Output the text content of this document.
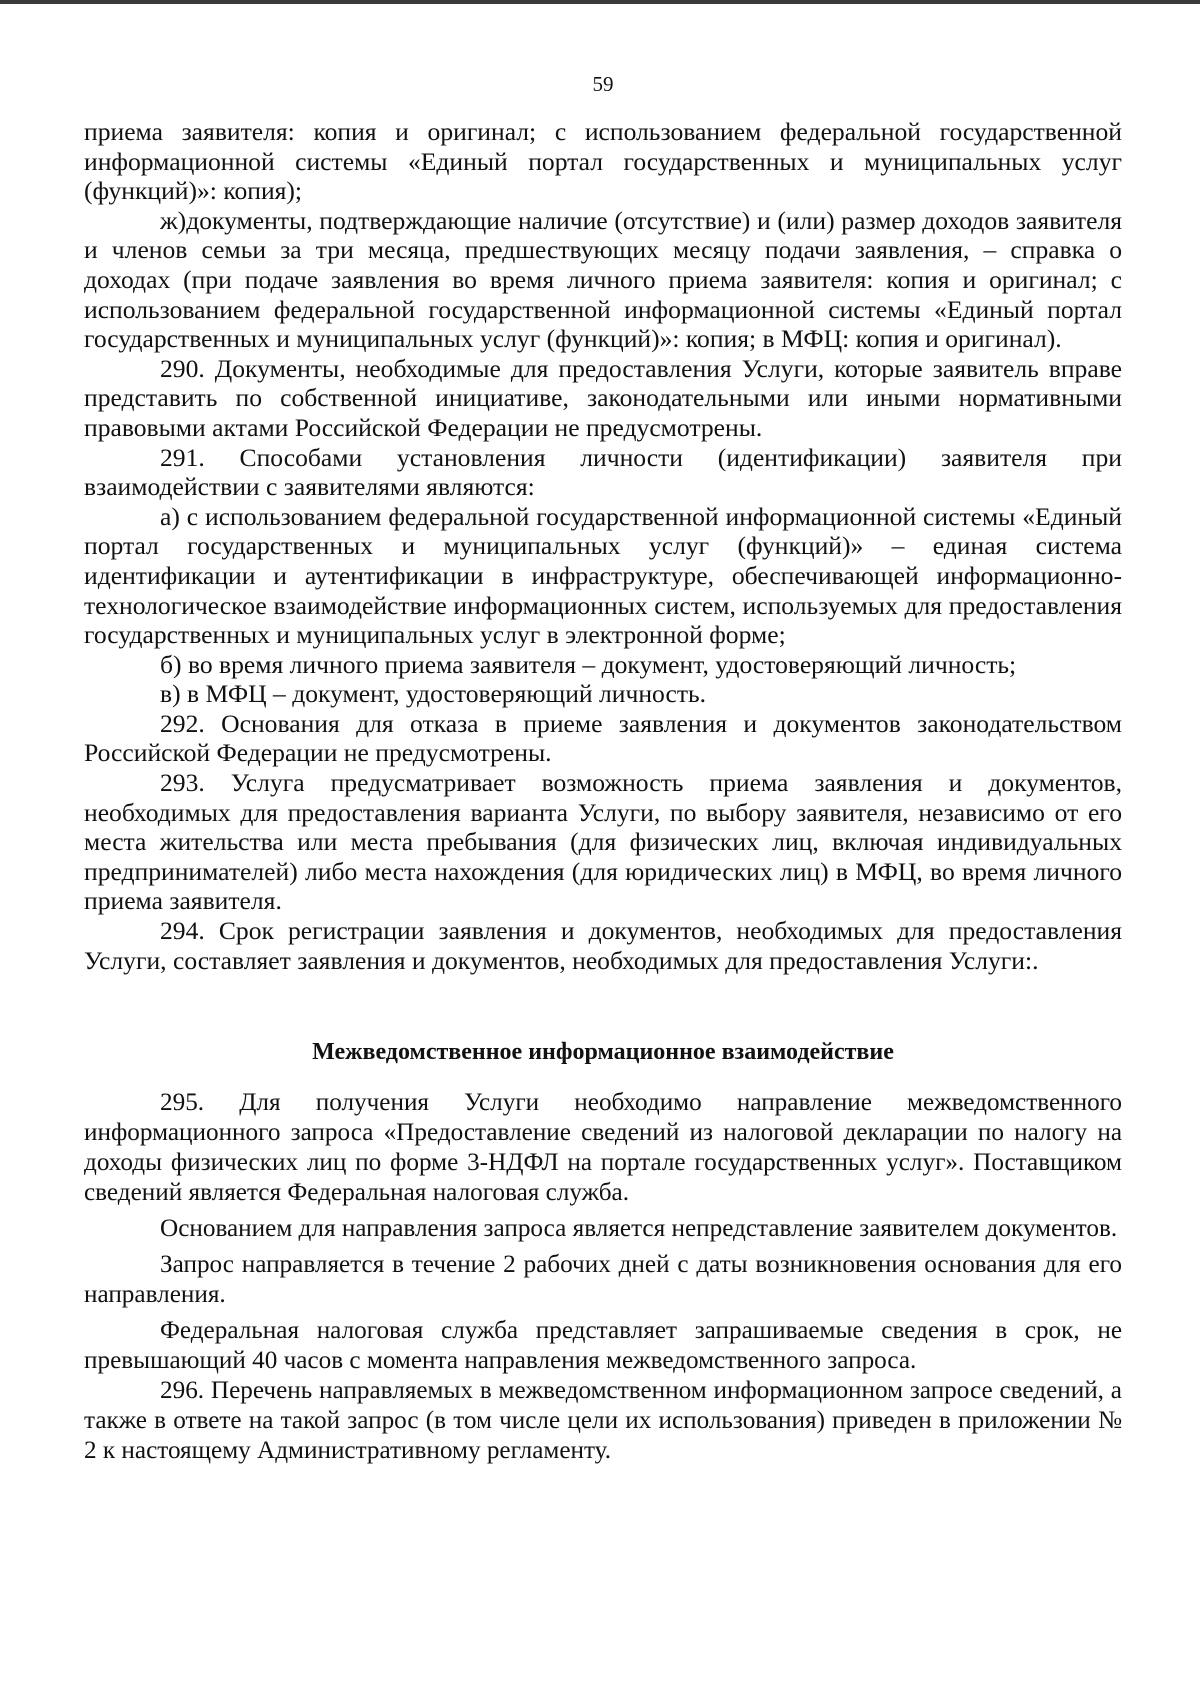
59

приема заявителя: копия и оригинал; с использованием федеральной государственной информационной системы «Единый портал государственных и муниципальных услуг (функций)»: копия);

ж)документы, подтверждающие наличие (отсутствие) и (или) размер доходов заявителя и членов семьи за три месяца, предшествующих месяцу подачи заявления, – справка о доходах (при подаче заявления во время личного приема заявителя: копия и оригинал; с использованием федеральной государственной информационной системы «Единый портал государственных и муниципальных услуг (функций)»: копия; в МФЦ: копия и оригинал).

290. Документы, необходимые для предоставления Услуги, которые заявитель вправе представить по собственной инициативе, законодательными или иными нормативными правовыми актами Российской Федерации не предусмотрены.

291. Способами установления личности (идентификации) заявителя при взаимодействии с заявителями являются:

а) с использованием федеральной государственной информационной системы «Единый портал государственных и муниципальных услуг (функций)» – единая система идентификации и аутентификации в инфраструктуре, обеспечивающей информационно-технологическое взаимодействие информационных систем, используемых для предоставления государственных и муниципальных услуг в электронной форме;

б) во время личного приема заявителя – документ, удостоверяющий личность;

в) в МФЦ – документ, удостоверяющий личность.

292. Основания для отказа в приеме заявления и документов законодательством Российской Федерации не предусмотрены.

293. Услуга предусматривает возможность приема заявления и документов, необходимых для предоставления варианта Услуги, по выбору заявителя, независимо от его места жительства или места пребывания (для физических лиц, включая индивидуальных предпринимателей) либо места нахождения (для юридических лиц) в МФЦ, во время личного приема заявителя.

294. Срок регистрации заявления и документов, необходимых для предоставления Услуги, составляет заявления и документов, необходимых для предоставления Услуги:.

Межведомственное информационное взаимодействие

295. Для получения Услуги необходимо направление межведомственного информационного запроса «Предоставление сведений из налоговой декларации по налогу на доходы физических лиц по форме 3-НДФЛ на портале государственных услуг». Поставщиком сведений является Федеральная налоговая служба.

Основанием для направления запроса является непредставление заявителем документов.

Запрос направляется в течение 2 рабочих дней с даты возникновения основания для его направления.

Федеральная налоговая служба представляет запрашиваемые сведения в срок, не превышающий 40 часов с момента направления межведомственного запроса.

296. Перечень направляемых в межведомственном информационном запросе сведений, а также в ответе на такой запрос (в том числе цели их использования) приведен в приложении № 2 к настоящему Административному регламенту.
